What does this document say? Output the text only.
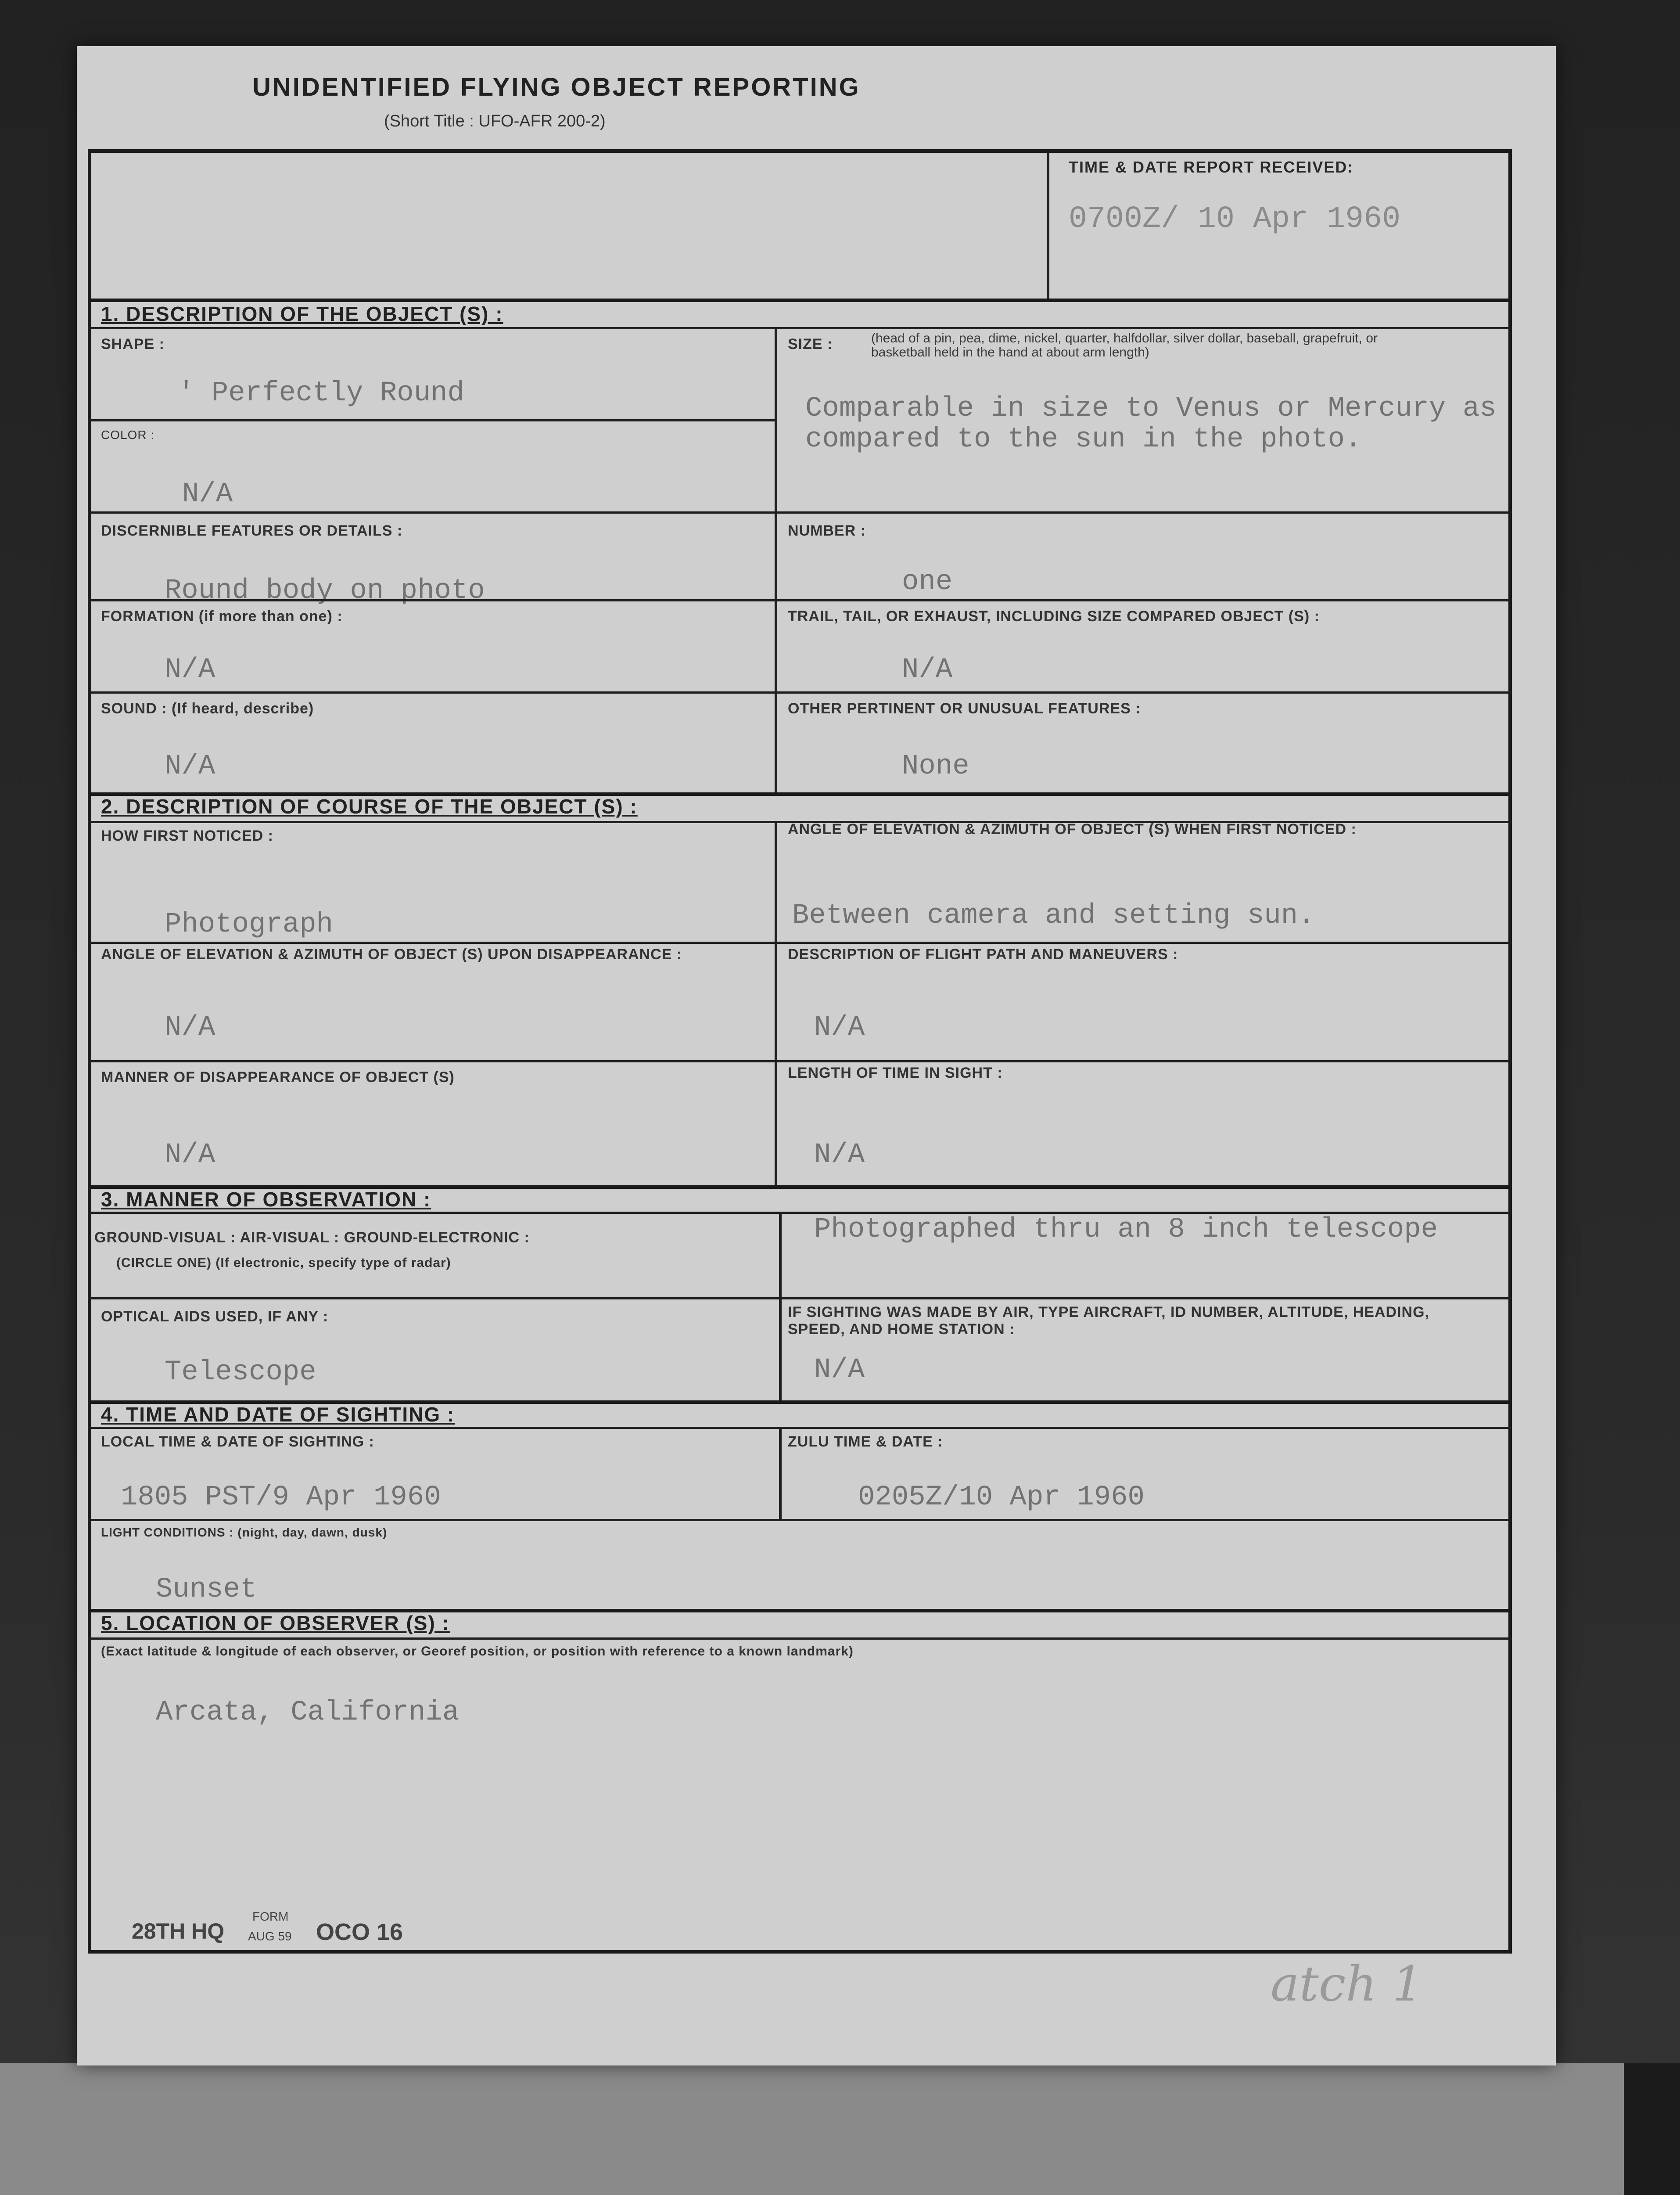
UNIDENTIFIED FLYING OBJECT REPORTING
(Short Title : UFO-AFR 200-2)
TIME & DATE REPORT RECEIVED:
0700Z/ 10 Apr 1960
1. DESCRIPTION OF THE OBJECT (S) :
SHAPE :
' Perfectly Round
COLOR :
N/A
SIZE :	(head of a pin, pea, dime, nickel, quarter, halfdollar, silver dollar, baseball, grapefruit, or basketball held in the hand at about arm length)
Comparable in size to Venus or Mercury as
compared to the sun in the photo.
DISCERNIBLE FEATURES OR DETAILS :
Round body on photo
NUMBER :
one
FORMATION (if more than one) :
N/A
TRAIL, TAIL, OR EXHAUST, INCLUDING SIZE COMPARED OBJECT (S) :
N/A
SOUND : (If heard, describe)
N/A
OTHER PERTINENT OR UNUSUAL FEATURES :
None
2. DESCRIPTION OF COURSE OF THE OBJECT (S) :
HOW FIRST NOTICED :
Photograph
ANGLE OF ELEVATION & AZIMUTH OF OBJECT (S) WHEN FIRST NOTICED :
Between camera and setting sun.
ANGLE OF ELEVATION & AZIMUTH OF OBJECT (S) UPON DISAPPEARANCE :
N/A
DESCRIPTION OF FLIGHT PATH AND MANEUVERS :
N/A
MANNER OF DISAPPEARANCE OF OBJECT (S)
N/A
LENGTH OF TIME IN SIGHT :
N/A
3. MANNER OF OBSERVATION :
GROUND-VISUAL : AIR-VISUAL : GROUND-ELECTRONIC :
(CIRCLE ONE) (If electronic, specify type of radar)
Photographed thru an 8 inch telescope
OPTICAL AIDS USED, IF ANY :
Telescope
IF SIGHTING WAS MADE BY AIR, TYPE AIRCRAFT, ID NUMBER, ALTITUDE, HEADING, SPEED, AND HOME STATION :
N/A
4. TIME AND DATE OF SIGHTING :
LOCAL TIME & DATE OF SIGHTING :
1805 PST/9 Apr 1960
ZULU TIME & DATE :
0205Z/10 Apr 1960
LIGHT CONDITIONS : (night, day, dawn, dusk)
Sunset
5. LOCATION OF OBSERVER (S) :
(Exact latitude & longitude of each observer, or Georef position, or position with reference to a known landmark)
Arcata, California
28TH HQ
FORM
AUG 59 OCO 16
atch 1
